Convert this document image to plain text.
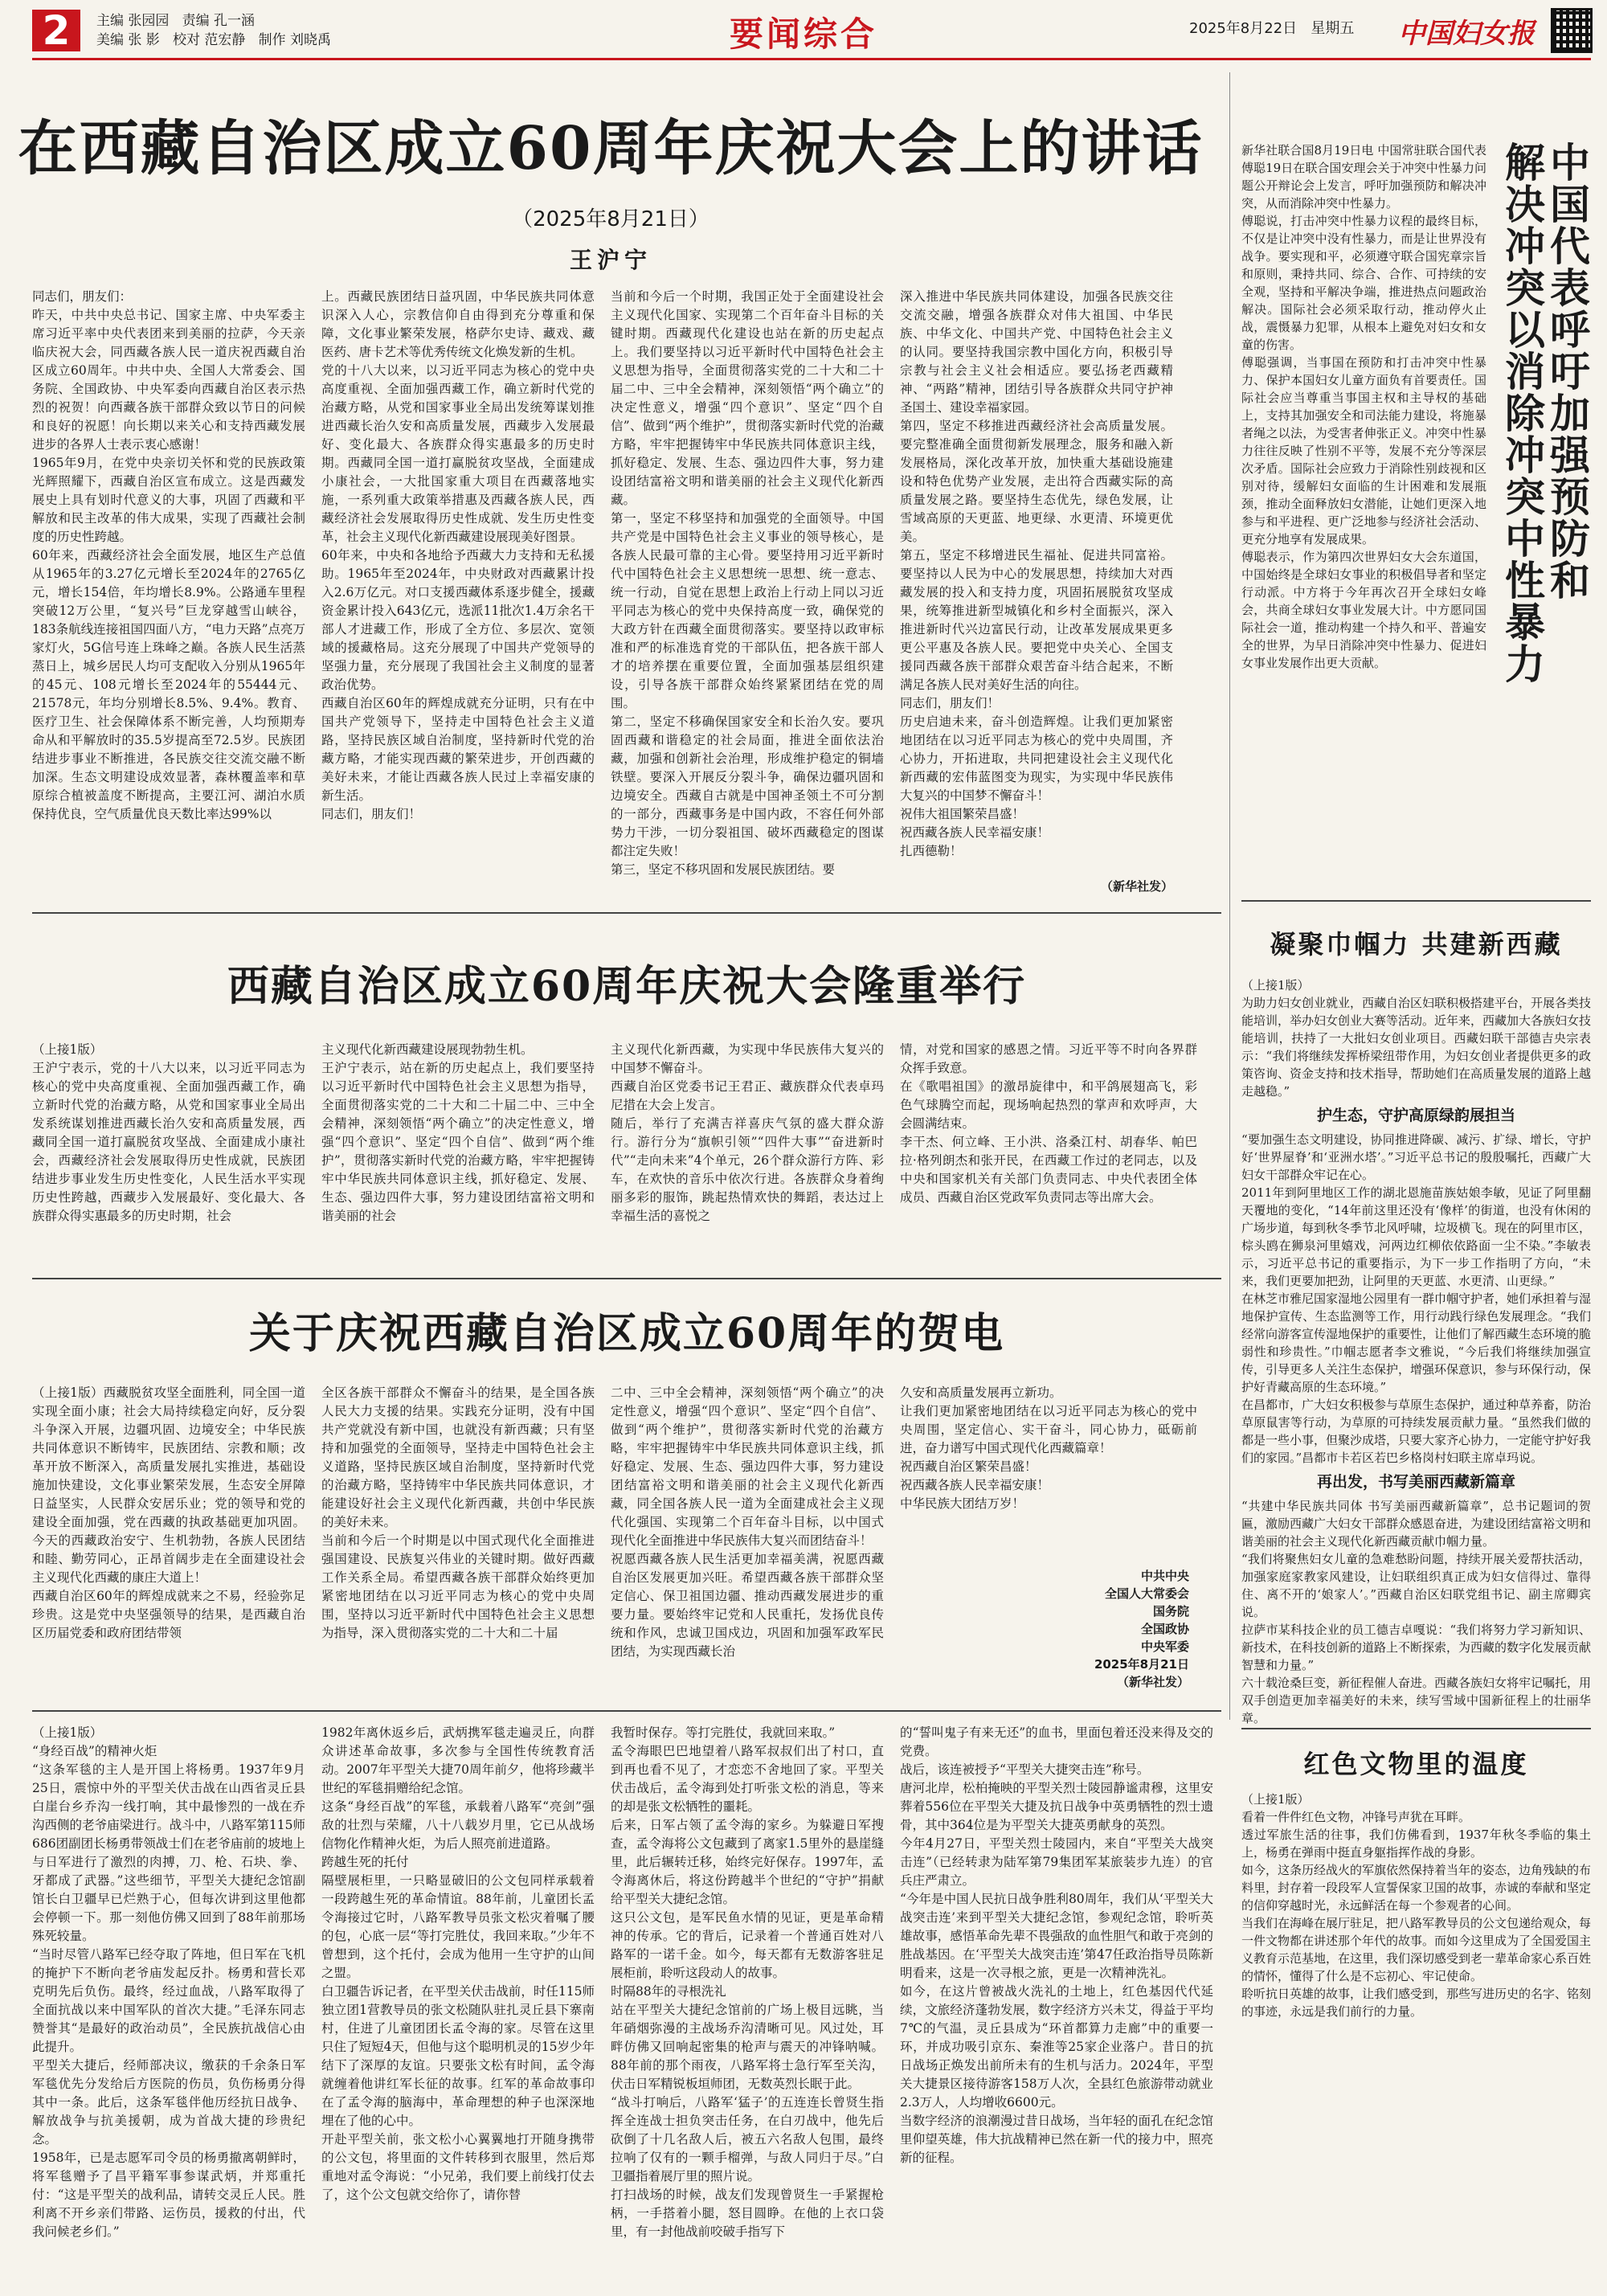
2	主编 张园园 责编 孔一涵
美编 张 影 校对 范宏静 制作 刘晓禹	要闻综合	2025年8月22日 星期五	中国妇女报
在西藏自治区成立60周年庆祝大会上的讲话
（2025年8月21日）
王沪宁

同志们，朋友们：
昨天，中共中央总书记、国家主席、中央军委主席习近平率中央代表团来到美丽的拉萨，今天亲临庆祝大会，同西藏各族人民一道庆祝西藏自治区成立60周年。中共中央、全国人大常委会、国务院、全国政协、中央军委向西藏自治区表示热烈的祝贺！向西藏各族干部群众致以节日的问候和良好的祝愿！向长期以来关心和支持西藏发展进步的各界人士表示衷心感谢！
1965年9月，在党中央亲切关怀和党的民族政策光辉照耀下，西藏自治区宣布成立。这是西藏发展史上具有划时代意义的大事，巩固了西藏和平解放和民主改革的伟大成果，实现了西藏社会制度的历史性跨越。
60年来，西藏经济社会全面发展，地区生产总值从1965年的3.27亿元增长至2024年的2765亿元，增长154倍，年均增长8.9%。公路通车里程突破12万公里，“复兴号”巨龙穿越雪山峡谷，183条航线连接祖国四面八方，“电力天路”点亮万家灯火，5G信号连上珠峰之巅。各族人民生活蒸蒸日上，城乡居民人均可支配收入分别从1965年的45元、108元增长至2024年的55444元、21578元，年均分别增长8.5%、9.4%。教育、医疗卫生、社会保障体系不断完善，人均预期寿命从和平解放时的35.5岁提高至72.5岁。民族团结进步事业不断推进，各民族交往交流交融不断加深。生态文明建设成效显著，森林覆盖率和草原综合植被盖度不断提高，主要江河、湖泊水质保持优良，空气质量优良天数比率达99%以

上。西藏民族团结日益巩固，中华民族共同体意识深入人心，宗教信仰自由得到充分尊重和保障，文化事业繁荣发展，格萨尔史诗、藏戏、藏医药、唐卡艺术等优秀传统文化焕发新的生机。
党的十八大以来，以习近平同志为核心的党中央高度重视、全面加强西藏工作，确立新时代党的治藏方略，从党和国家事业全局出发统筹谋划推进西藏长治久安和高质量发展，西藏步入发展最好、变化最大、各族群众得实惠最多的历史时期。西藏同全国一道打赢脱贫攻坚战，全面建成小康社会，一大批国家重大项目在西藏落地实施，一系列重大政策举措惠及西藏各族人民，西藏经济社会发展取得历史性成就、发生历史性变革，社会主义现代化新西藏建设展现美好图景。
60年来，中央和各地给予西藏大力支持和无私援助。1965年至2024年，中央财政对西藏累计投入2.6万亿元。对口支援西藏体系逐步健全，援藏资金累计投入643亿元，选派11批次1.4万余名干部人才进藏工作，形成了全方位、多层次、宽领域的援藏格局。这充分展现了中国共产党领导的坚强力量，充分展现了我国社会主义制度的显著政治优势。
西藏自治区60年的辉煌成就充分证明，只有在中国共产党领导下，坚持走中国特色社会主义道路，坚持民族区域自治制度，坚持新时代党的治藏方略，才能实现西藏的繁荣进步，开创西藏的美好未来，才能让西藏各族人民过上幸福安康的新生活。
同志们，朋友们！

当前和今后一个时期，我国正处于全面建设社会主义现代化国家、实现第二个百年奋斗目标的关键时期。西藏现代化建设也站在新的历史起点上。我们要坚持以习近平新时代中国特色社会主义思想为指导，全面贯彻落实党的二十大和二十届二中、三中全会精神，深刻领悟“两个确立”的决定性意义，增强“四个意识”、坚定“四个自信”、做到“两个维护”，贯彻落实新时代党的治藏方略，牢牢把握铸牢中华民族共同体意识主线，抓好稳定、发展、生态、强边四件大事，努力建设团结富裕文明和谐美丽的社会主义现代化新西藏。
第一，坚定不移坚持和加强党的全面领导。中国共产党是中国特色社会主义事业的领导核心，是各族人民最可靠的主心骨。要坚持用习近平新时代中国特色社会主义思想统一思想、统一意志、统一行动，自觉在思想上政治上行动上同以习近平同志为核心的党中央保持高度一致，确保党的大政方针在西藏全面贯彻落实。要坚持以政审标准和严的标准选育党的干部队伍，把各族干部人才的培养摆在重要位置，全面加强基层组织建设，引导各族干部群众始终紧紧团结在党的周围。
第二，坚定不移确保国家安全和长治久安。要巩固西藏和谐稳定的社会局面，推进全面依法治藏，加强和创新社会治理，形成维护稳定的铜墙铁壁。要深入开展反分裂斗争，确保边疆巩固和边境安全。西藏自古就是中国神圣领土不可分割的一部分，西藏事务是中国内政，不容任何外部势力干涉，一切分裂祖国、破坏西藏稳定的图谋都注定失败！
第三，坚定不移巩固和发展民族团结。要

深入推进中华民族共同体建设，加强各民族交往交流交融，增强各族群众对伟大祖国、中华民族、中华文化、中国共产党、中国特色社会主义的认同。要坚持我国宗教中国化方向，积极引导宗教与社会主义社会相适应。要弘扬老西藏精神、“两路”精神，团结引导各族群众共同守护神圣国土、建设幸福家园。
第四，坚定不移推进西藏经济社会高质量发展。要完整准确全面贯彻新发展理念，服务和融入新发展格局，深化改革开放，加快重大基础设施建设和特色优势产业发展，走出符合西藏实际的高质量发展之路。要坚持生态优先，绿色发展，让雪域高原的天更蓝、地更绿、水更清、环境更优美。
第五，坚定不移增进民生福祉、促进共同富裕。要坚持以人民为中心的发展思想，持续加大对西藏发展的投入和支持力度，巩固拓展脱贫攻坚成果，统筹推进新型城镇化和乡村全面振兴，深入推进新时代兴边富民行动，让改革发展成果更多更公平惠及各族人民。要把党中央关心、全国支援同西藏各族干部群众艰苦奋斗结合起来，不断满足各族人民对美好生活的向往。
同志们，朋友们！
历史启迪未来，奋斗创造辉煌。让我们更加紧密地团结在以习近平同志为核心的党中央周围，齐心协力，开拓进取，共同把建设社会主义现代化新西藏的宏伟蓝图变为现实，为实现中华民族伟大复兴的中国梦不懈奋斗！
祝伟大祖国繁荣昌盛！
祝西藏各族人民幸福安康！
扎西德勒！

（新华社发）

新华社联合国8月19日电 中国常驻联合国代表傅聪19日在联合国安理会关于冲突中性暴力问题公开辩论会上发言，呼吁加强预防和解决冲突，从而消除冲突中性暴力。
傅聪说，打击冲突中性暴力议程的最终目标，不仅是让冲突中没有性暴力，而是让世界没有战争。要实现和平，必须遵守联合国宪章宗旨和原则，秉持共同、综合、合作、可持续的安全观，坚持和平解决争端，推进热点问题政治解决。国际社会必须采取行动，推动停火止战，震慑暴力犯罪，从根本上避免对妇女和女童的伤害。
傅聪强调，当事国在预防和打击冲突中性暴力、保护本国妇女儿童方面负有首要责任。国际社会应当尊重当事国主权和主导权的基础上，支持其加强安全和司法能力建设，将施暴者绳之以法，为受害者伸张正义。冲突中性暴力往往反映了性别不平等，发展不充分等深层次矛盾。国际社会应致力于消除性别歧视和区别对待，缓解妇女面临的生计困难和发展瓶颈，推动全面释放妇女潜能，让她们更深入地参与和平进程、更广泛地参与经济社会活动、更充分地享有发展成果。
傅聪表示，作为第四次世界妇女大会东道国，中国始终是全球妇女事业的积极倡导者和坚定行动派。中方将于今年再次召开全球妇女峰会，共商全球妇女事业发展大计。中方愿同国际社会一道，推动构建一个持久和平、普遍安全的世界，为早日消除冲突中性暴力、促进妇女事业发展作出更大贡献。

中国代表呼吁加强预防和
解决冲突以消除冲突中性暴力
凝聚巾帼力 共建新西藏

（上接1版）
为助力妇女创业就业，西藏自治区妇联积极搭建平台，开展各类技能培训，举办妇女创业大赛等活动。近年来，西藏加大各族妇女技能培训，扶持了一大批妇女创业项目。西藏妇联干部德吉央宗表示：“我们将继续发挥桥梁纽带作用，为妇女创业者提供更多的政策咨询、资金支持和技术指导，帮助她们在高质量发展的道路上越走越稳。”

护生态，守护高原绿韵展担当

“要加强生态文明建设，协同推进降碳、减污、扩绿、增长，守护好‘世界屋脊’和‘亚洲水塔’。”习近平总书记的殷殷嘱托，西藏广大妇女干部群众牢记在心。
2011年到阿里地区工作的湖北恩施苗族姑娘李敏，见证了阿里翻天覆地的变化，“14年前这里还没有‘像样’的街道，也没有休闲的广场步道，每到秋冬季节北风呼啸，垃圾横飞。现在的阿里市区，棕头鸥在狮泉河里嬉戏，河两边红柳依依路面一尘不染。”李敏表示，习近平总书记的重要指示，为下一步工作指明了方向，“未来，我们更要加把劲，让阿里的天更蓝、水更清、山更绿。”
在林芝市雅尼国家湿地公园里有一群巾帼守护者，她们承担着与湿地保护宣传、生态监测等工作，用行动践行绿色发展理念。“我们经常向游客宣传湿地保护的重要性，让他们了解西藏生态环境的脆弱性和珍贵性。”巾帼志愿者李文雅说，“今后我们将继续加强宣传，引导更多人关注生态保护，增强环保意识，参与环保行动，保护好青藏高原的生态环境。”
在昌都市，广大妇女积极参与草原生态保护，通过种草养畜，防治草原鼠害等行动，为草原的可持续发展贡献力量。“虽然我们做的都是一些小事，但聚沙成塔，只要大家齐心协力，一定能守护好我们的家园。”昌都市卡若区若巴乡格岗村妇联主席卓玛说。

再出发，书写美丽西藏新篇章

“共建中华民族共同体 书写美丽西藏新篇章”，总书记题词的贺匾，激励西藏广大妇女干部群众感恩奋进，为建设团结富裕文明和谐美丽的社会主义现代化新西藏贡献巾帼力量。
“我们将聚焦妇女儿童的急难愁盼问题，持续开展关爱帮扶活动，加强家庭家教家风建设，让妇联组织真正成为妇女信得过、靠得住、离不开的‘娘家人’。”西藏自治区妇联党组书记、副主席卿宾说。
拉萨市某科技企业的员工德吉卓嘎说：“我们将努力学习新知识、新技术，在科技创新的道路上不断探索，为西藏的数字化发展贡献智慧和力量。”
六十载沧桑巨变，新征程催人奋进。西藏各族妇女将牢记嘱托，用双手创造更加幸福美好的未来，续写雪域中国新征程上的壮丽华章。

红色文物里的温度

（上接1版）
看着一件件红色文物，冲锋号声犹在耳畔。
透过军旅生活的往事，我们仿佛看到，1937年秋冬季临的集土上，杨勇在弹雨中挺直身躯指挥作战的身影。
如今，这条历经战火的军旗依然保持着当年的姿态，边角残缺的布料里，封存着一段段军人宣誓保家卫国的故事，赤诚的奉献和坚定的信仰穿越时光，永远鲜活在每一个参观者的心间。
当我们在海峰在展厅驻足，把八路军教导员的公文包递给观众，每一件文物都在讲述那个年代的故事。而如今这里成为了全国爱国主义教育示范基地，在这里，我们深切感受到老一辈革命家心系百姓的情怀，懂得了什么是不忘初心、牢记使命。
聆听抗日英雄的故事，让我们感受到，那些写进历史的名字、铭刻的事迹，永远是我们前行的力量。

西藏自治区成立60周年庆祝大会隆重举行

（上接1版）
王沪宁表示，党的十八大以来，以习近平同志为核心的党中央高度重视、全面加强西藏工作，确立新时代党的治藏方略，从党和国家事业全局出发系统谋划推进西藏长治久安和高质量发展，西藏同全国一道打赢脱贫攻坚战、全面建成小康社会，西藏经济社会发展取得历史性成就，民族团结进步事业发生历史性变化，人民生活水平实现历史性跨越，西藏步入发展最好、变化最大、各族群众得实惠最多的历史时期，社会

主义现代化新西藏建设展现勃勃生机。
王沪宁表示，站在新的历史起点上，我们要坚持以习近平新时代中国特色社会主义思想为指导，全面贯彻落实党的二十大和二十届二中、三中全会精神，深刻领悟“两个确立”的决定性意义，增强“四个意识”、坚定“四个自信”、做到“两个维护”，贯彻落实新时代党的治藏方略，牢牢把握铸牢中华民族共同体意识主线，抓好稳定、发展、生态、强边四件大事，努力建设团结富裕文明和谐美丽的社会

主义现代化新西藏，为实现中华民族伟大复兴的中国梦不懈奋斗。
西藏自治区党委书记王君正、藏族群众代表卓玛尼措在大会上发言。
随后，举行了充满吉祥喜庆气氛的盛大群众游行。游行分为“旗帜引领”“四件大事”“奋进新时代”“走向未来”4个单元，26个群众游行方阵、彩车，在欢快的音乐中依次行进。各族群众身着绚丽多彩的服饰，跳起热情欢快的舞蹈，表达过上幸福生活的喜悦之

情，对党和国家的感恩之情。习近平等不时向各界群众挥手致意。
在《歌唱祖国》的激昂旋律中，和平鸽展翅高飞，彩色气球腾空而起，现场响起热烈的掌声和欢呼声，大会圆满结束。
李干杰、何立峰、王小洪、洛桑江村、胡春华、帕巴拉·格列朗杰和张开民，在西藏工作过的老同志，以及中央和国家机关有关部门负责同志、中央代表团全体成员、西藏自治区党政军负责同志等出席大会。

关于庆祝西藏自治区成立60周年的贺电

（上接1版）西藏脱贫攻坚全面胜利，同全国一道实现全面小康；社会大局持续稳定向好，反分裂斗争深入开展，边疆巩固、边境安全；中华民族共同体意识不断铸牢，民族团结、宗教和顺；改革开放不断深入，高质量发展扎实推进，基础设施加快建设，文化事业繁荣发展，生态安全屏障日益坚实，人民群众安居乐业；党的领导和党的建设全面加强，党在西藏的执政基础更加巩固。今天的西藏政治安宁、生机勃勃，各族人民团结和睦、勤劳同心，正昂首阔步走在全面建设社会主义现代化西藏的康庄大道上！
西藏自治区60年的辉煌成就来之不易，经验弥足珍贵。这是党中央坚强领导的结果，是西藏自治区历届党委和政府团结带领

全区各族干部群众不懈奋斗的结果，是全国各族人民大力支援的结果。实践充分证明，没有中国共产党就没有新中国，也就没有新西藏；只有坚持和加强党的全面领导，坚持走中国特色社会主义道路，坚持民族区域自治制度，坚持新时代党的治藏方略，坚持铸牢中华民族共同体意识，才能建设好社会主义现代化新西藏，共创中华民族的美好未来。
当前和今后一个时期是以中国式现代化全面推进强国建设、民族复兴伟业的关键时期。做好西藏工作关系全局。希望西藏各族干部群众始终更加紧密地团结在以习近平同志为核心的党中央周围，坚持以习近平新时代中国特色社会主义思想为指导，深入贯彻落实党的二十大和二十届

二中、三中全会精神，深刻领悟“两个确立”的决定性意义，增强“四个意识”、坚定“四个自信”、做到“两个维护”，贯彻落实新时代党的治藏方略，牢牢把握铸牢中华民族共同体意识主线，抓好稳定、发展、生态、强边四件大事，努力建设团结富裕文明和谐美丽的社会主义现代化新西藏，同全国各族人民一道为全面建成社会主义现代化强国、实现第二个百年奋斗目标，以中国式现代化全面推进中华民族伟大复兴而团结奋斗！
祝愿西藏各族人民生活更加幸福美满，祝愿西藏自治区发展更加兴旺。希望西藏各族干部群众坚定信心、保卫祖国边疆、推动西藏发展进步的重要力量。要始终牢记党和人民重托，发扬优良传统和作风，忠诚卫国戍边，巩固和加强军政军民团结，为实现西藏长治

久安和高质量发展再立新功。
让我们更加紧密地团结在以习近平同志为核心的党中央周围，坚定信心、实干奋斗，同心协力，砥砺前进，奋力谱写中国式现代化西藏篇章！
祝西藏自治区繁荣昌盛！
祝西藏各族人民幸福安康！
中华民族大团结万岁！

中共中央
全国人大常委会
国务院
全国政协
中央军委
2025年8月21日
（新华社发）

（上接1版）
“身经百战”的精神火炬
“这条军毯的主人是开国上将杨勇。1937年9月25日，震惊中外的平型关伏击战在山西省灵丘县白崖台乡乔沟一线打响，其中最惨烈的一战在乔沟西侧的老爷庙梁进行。战斗中，八路军第115师686团副团长杨勇带领战士们在老爷庙前的坡地上与日军进行了激烈的肉搏，刀、枪、石块、拳、牙都成了武器。”这些细节，平型关大捷纪念馆副馆长白卫疆早已烂熟于心，但每次讲到这里他都会停顿一下。那一刻他仿佛又回到了88年前那场殊死较量。
“当时尽管八路军已经夺取了阵地，但日军在飞机的掩护下不断向老爷庙发起反扑。杨勇和营长邓克明先后负伤。最终，经过血战，八路军取得了全面抗战以来中国军队的首次大捷。”毛泽东同志赞誉其“是最好的政治动员”，全民族抗战信心由此提升。
平型关大捷后，经师部决议，缴获的千余条日军军毯优先分发给后方医院的伤员，负伤杨勇分得其中一条。此后，这条军毯伴他历经抗日战争、解放战争与抗美援朝，成为首战大捷的珍贵纪念。
1958年，已是志愿军司令员的杨勇撤离朝鲜时，将军毯赠予了昌平籍军事参谋武炳，并郑重托付：“这是平型关的战利品，请转交灵丘人民。胜利离不开乡亲们带路、运伤员，援救的付出，代我问候老乡们。”

1982年离休返乡后，武炳携军毯走遍灵丘，向群众讲述革命故事，多次参与全国性传统教育活动。2007年平型关大捷70周年前夕，他将珍藏半世纪的军毯捐赠给纪念馆。
这条“身经百战”的军毯，承载着八路军“亮剑”强敌的壮烈与荣耀，八十八载岁月里，它已从战场信物化作精神火炬，为后人照亮前进道路。
跨越生死的托付
隔壁展柜里，一只略显破旧的公文包同样承载着一段跨越生死的革命情谊。88年前，儿童团长孟令海接过它时，八路军教导员张文松灾着嘱了腰的包，心底一层“等打完胜仗，我回来取。”少年不曾想到，这个托付，会成为他用一生守护的山间之盟。
白卫疆告诉记者，在平型关伏击战前，时任115师独立团1营教导员的张文松随队驻扎灵丘县下寨南村，住进了儿童团团长孟令海的家。尽管在这里只住了短短4天，但他与这个聪明机灵的15岁少年结下了深厚的友谊。只要张文松有时间，孟令海就缠着他讲红军长征的故事。红军的革命故事印在了孟令海的脑海中，革命理想的种子也深深地埋在了他的心中。
开赴平型关前，张文松小心翼翼地打开随身携带的公文包，将里面的文件转移到衣服里，然后郑重地对孟令海说：“小兄弟，我们要上前线打仗去了，这个公文包就交给你了，请你替

我暂时保存。等打完胜仗，我就回来取。”
孟令海眼巴巴地望着八路军叔叔们出了村口，直到再也看不见了，才恋恋不舍地回了家。平型关伏击战后，孟令海到处打听张文松的消息，等来的却是张文松牺牲的噩耗。
后来，日军占领了孟令海的家乡。为躲避日军搜查，孟令海将公文包藏到了离家1.5里外的悬崖缝里，此后辗转迁移，始终完好保存。1997年，孟令海离休后，将这份跨越半个世纪的“守护”捐献给平型关大捷纪念馆。
这只公文包，是军民鱼水情的见证，更是革命精神的传承。它的背后，记录着一个普通百姓对八路军的一诺千金。如今，每天都有无数游客驻足展柜前，聆听这段动人的故事。
时隔88年的寻根洗礼
站在平型关大捷纪念馆前的广场上极目远眺，当年硝烟弥漫的主战场乔沟清晰可见。风过处，耳畔仿佛又回响起密集的枪声与震天的冲锋呐喊。88年前的那个雨夜，八路军将士急行军至关沟，伏击日军精锐板垣师团，无数英烈长眠于此。
“战斗打响后，八路军‘猛子’的五连连长曾贤生指挥全连战士担负突击任务，在白刃战中，他先后砍倒了十几名敌人后，被五六名敌人包围，最终拉响了仅有的一颗手榴弹，与敌人同归于尽。”白卫疆指着展厅里的照片说。
打扫战场的时候，战友们发现曾贤生一手紧握枪柄，一手搭着小腿，怒目圆睁。在他的上衣口袋里，有一封他战前咬破手指写下

的“誓叫鬼子有来无还”的血书，里面包着还没来得及交的党费。
战后，该连被授予“平型关大捷突击连”称号。
唐河北岸，松柏掩映的平型关烈士陵园静谧肃穆，这里安葬着556位在平型关大捷及抗日战争中英勇牺牲的烈士遗骨，其中364位是为平型关大捷英勇献身的英烈。
今年4月27日，平型关烈士陵园内，来自“平型关大战突击连”（已经转隶为陆军第79集团军某旅装步九连）的官兵庄严肃立。
“今年是中国人民抗日战争胜利80周年，我们从‘平型关大战突击连’来到平型关大捷纪念馆，参观纪念馆，聆听英雄故事，感悟革命先辈不畏强敌的血性胆气和敢于亮剑的胜战基因。在‘平型关大战突击连’第47任政治指导员陈新明看来，这是一次寻根之旅，更是一次精神洗礼。
如今，在这片曾被战火洗礼的土地上，红色基因代代延续，文旅经济蓬勃发展，数字经济方兴未艾，得益于平均7℃的气温，灵丘县成为“环首都算力走廊”中的重要一环，并成功吸引京东、秦淮等25家企业落户。昔日的抗日战场正焕发出前所未有的生机与活力。2024年，平型关大捷景区接待游客158万人次，全县红色旅游带动就业2.3万人，人均增收6600元。
当数字经济的浪潮漫过昔日战场，当年轻的面孔在纪念馆里仰望英雄，伟大抗战精神已然在新一代的接力中，照亮新的征程。
